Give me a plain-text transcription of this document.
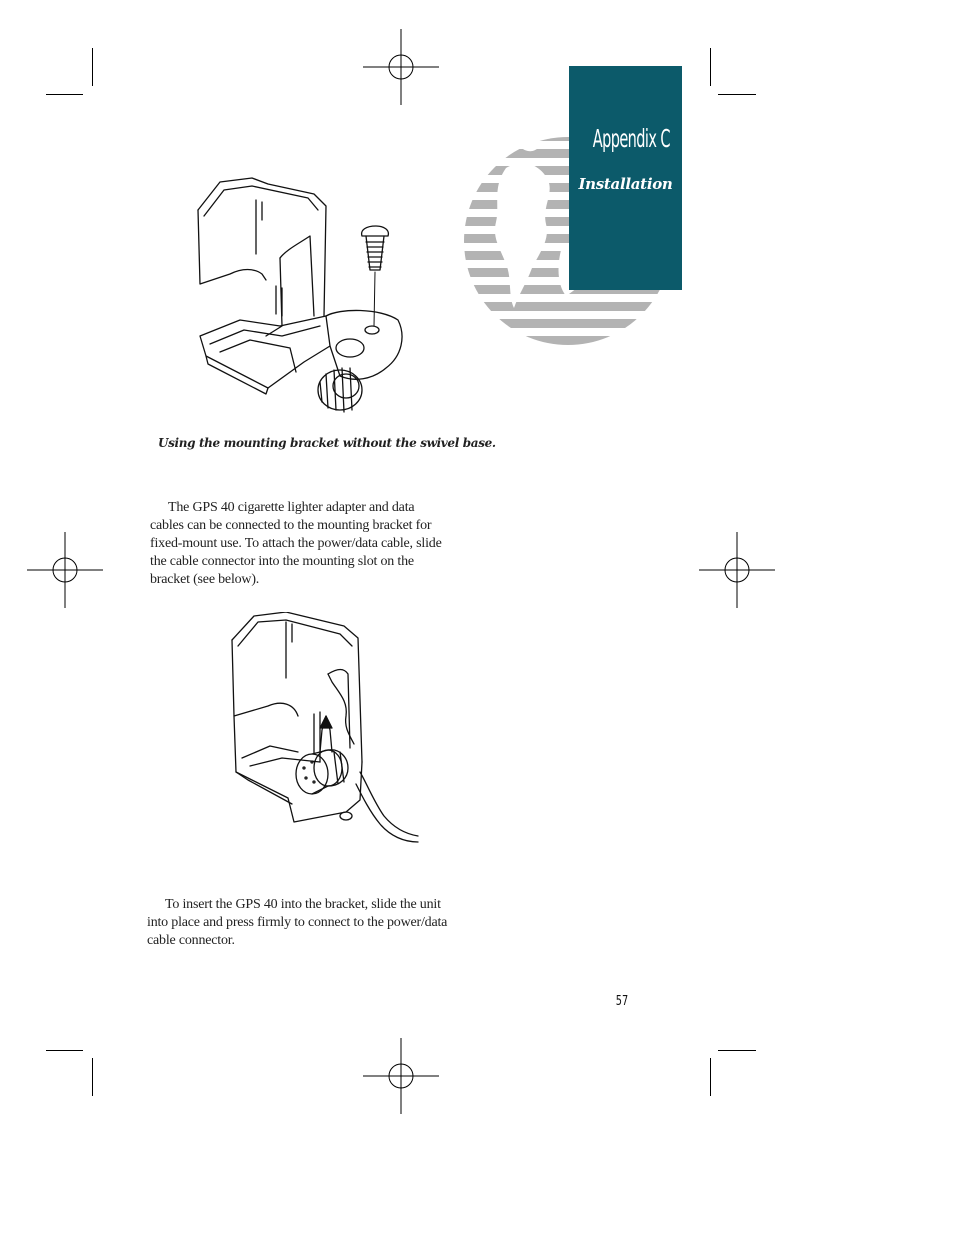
Appendix C
Installation
Using the mounting bracket without the swivel base.
The GPS 40 cigarette lighter adapter and data cables can be connected to the mounting bracket for fixed-mount use. To attach the power/data cable, slide the cable connector into the mounting slot on the bracket (see below).
To insert the GPS 40 into the bracket, slide the unit into place and press firmly to connect to the power/data cable connector.
57
